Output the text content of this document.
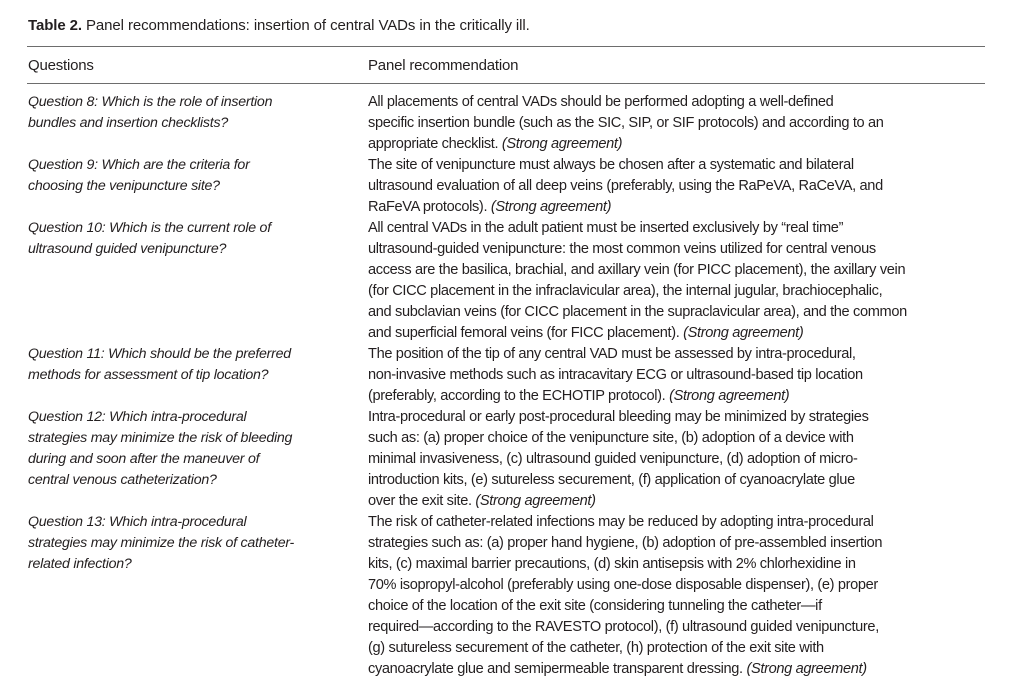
Table 2. Panel recommendations: insertion of central VADs in the critically ill.
Questions	Panel recommendation
Question 8: Which is the role of insertion
bundles and insertion checklists?
All placements of central VADs should be performed adopting a well-defined
specific insertion bundle (such as the SIC, SIP, or SIF protocols) and according to an
appropriate checklist. (Strong agreement)
Question 9: Which are the criteria for
choosing the venipuncture site?
The site of venipuncture must always be chosen after a systematic and bilateral
ultrasound evaluation of all deep veins (preferably, using the RaPeVA, RaCeVA, and
RaFeVA protocols). (Strong agreement)
Question 10: Which is the current role of
ultrasound guided venipuncture?
All central VADs in the adult patient must be inserted exclusively by “real time”
ultrasound-guided venipuncture: the most common veins utilized for central venous
access are the basilica, brachial, and axillary vein (for PICC placement), the axillary vein
(for CICC placement in the infraclavicular area), the internal jugular, brachiocephalic,
and subclavian veins (for CICC placement in the supraclavicular area), and the common
and superficial femoral veins (for FICC placement). (Strong agreement)
Question 11: Which should be the preferred
methods for assessment of tip location?
The position of the tip of any central VAD must be assessed by intra-procedural,
non-invasive methods such as intracavitary ECG or ultrasound-based tip location
(preferably, according to the ECHOTIP protocol). (Strong agreement)
Question 12: Which intra-procedural
strategies may minimize the risk of bleeding
during and soon after the maneuver of
central venous catheterization?
Intra-procedural or early post-procedural bleeding may be minimized by strategies
such as: (a) proper choice of the venipuncture site, (b) adoption of a device with
minimal invasiveness, (c) ultrasound guided venipuncture, (d) adoption of micro-
introduction kits, (e) sutureless securement, (f) application of cyanoacrylate glue
over the exit site. (Strong agreement)
Question 13: Which intra-procedural
strategies may minimize the risk of catheter-
related infection?
The risk of catheter-related infections may be reduced by adopting intra-procedural
strategies such as: (a) proper hand hygiene, (b) adoption of pre-assembled insertion
kits, (c) maximal barrier precautions, (d) skin antisepsis with 2% chlorhexidine in
70% isopropyl-alcohol (preferably using one-dose disposable dispenser), (e) proper
choice of the location of the exit site (considering tunneling the catheter—if
required—according to the RAVESTO protocol), (f) ultrasound guided venipuncture,
(g) sutureless securement of the catheter, (h) protection of the exit site with
cyanoacrylate glue and semipermeable transparent dressing. (Strong agreement)
